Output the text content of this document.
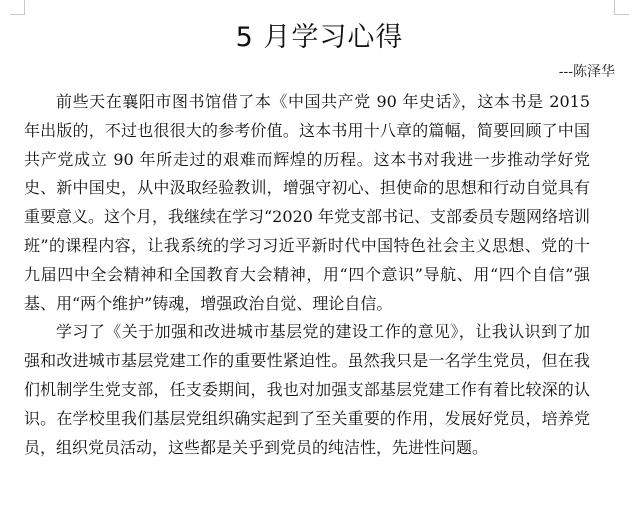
5 月学习心得
---陈泽华

前些天在襄阳市图书馆借了本《中国共产党 90 年史话》，这本书是 2015 年出版的，不过也很很大的参考价值。这本书用十八章的篇幅，简要回顾了中国共产党成立 90 年所走过的艰难而辉煌的历程。这本书对我进一步推动学好党史、新中国史，从中汲取经验教训，增强守初心、担使命的思想和行动自觉具有重要意义。这个月，我继续在学习“2020 年党支部书记、支部委员专题网络培训班”的课程内容，让我系统的学习习近平新时代中国特色社会主义思想、党的十九届四中全会精神和全国教育大会精神，用“四个意识”导航、用“四个自信”强基、用“两个维护”铸魂，增强政治自觉、理论自信。

学习了《关于加强和改进城市基层党的建设工作的意见》，让我认识到了加强和改进城市基层党建工作的重要性紧迫性。虽然我只是一名学生党员，但在我们机制学生党支部，任支委期间，我也对加强支部基层党建工作有着比较深的认识。在学校里我们基层党组织确实起到了至关重要的作用，发展好党员，培养党员，组织党员活动，这些都是关乎到党员的纯洁性，先进性问题。
